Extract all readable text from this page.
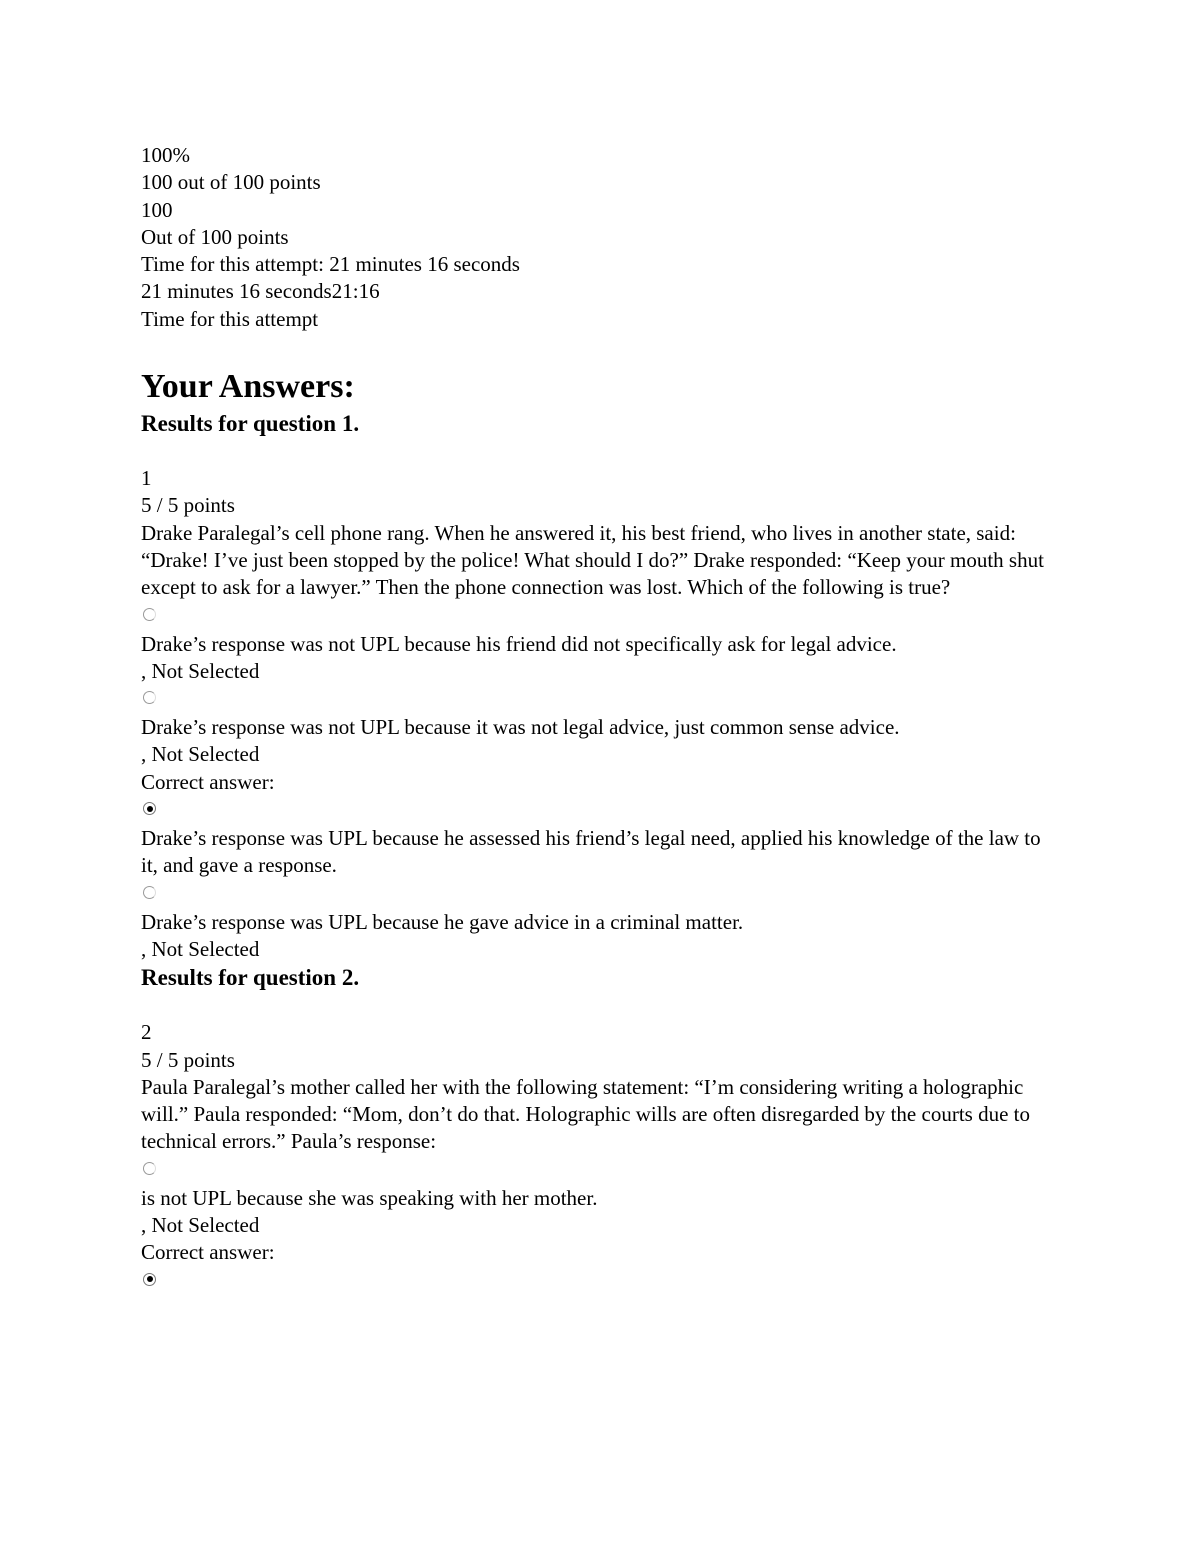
100%
100 out of 100 points
100
Out of 100 points
Time for this attempt: 21 minutes 16 seconds
21 minutes 16 seconds21:16
Time for this attempt
Your Answers:
Results for question 1.
1
5 / 5 points
Drake Paralegal’s cell phone rang. When he answered it, his best friend, who lives in another state, said: “Drake! I’ve just been stopped by the police! What should I do?” Drake responded: “Keep your mouth shut except to ask for a lawyer.” Then the phone connection was lost. Which of the following is true?
Drake’s response was not UPL because his friend did not specifically ask for legal advice.
, Not Selected
Drake’s response was not UPL because it was not legal advice, just common sense advice.
, Not Selected
Correct answer:
Drake’s response was UPL because he assessed his friend’s legal need, applied his knowledge of the law to it, and gave a response.
Drake’s response was UPL because he gave advice in a criminal matter.
, Not Selected
Results for question 2.
2
5 / 5 points
Paula Paralegal’s mother called her with the following statement: “I’m considering writing a holographic will.” Paula responded: “Mom, don’t do that. Holographic wills are often disregarded by the courts due to technical errors.” Paula’s response:
is not UPL because she was speaking with her mother.
, Not Selected
Correct answer:
